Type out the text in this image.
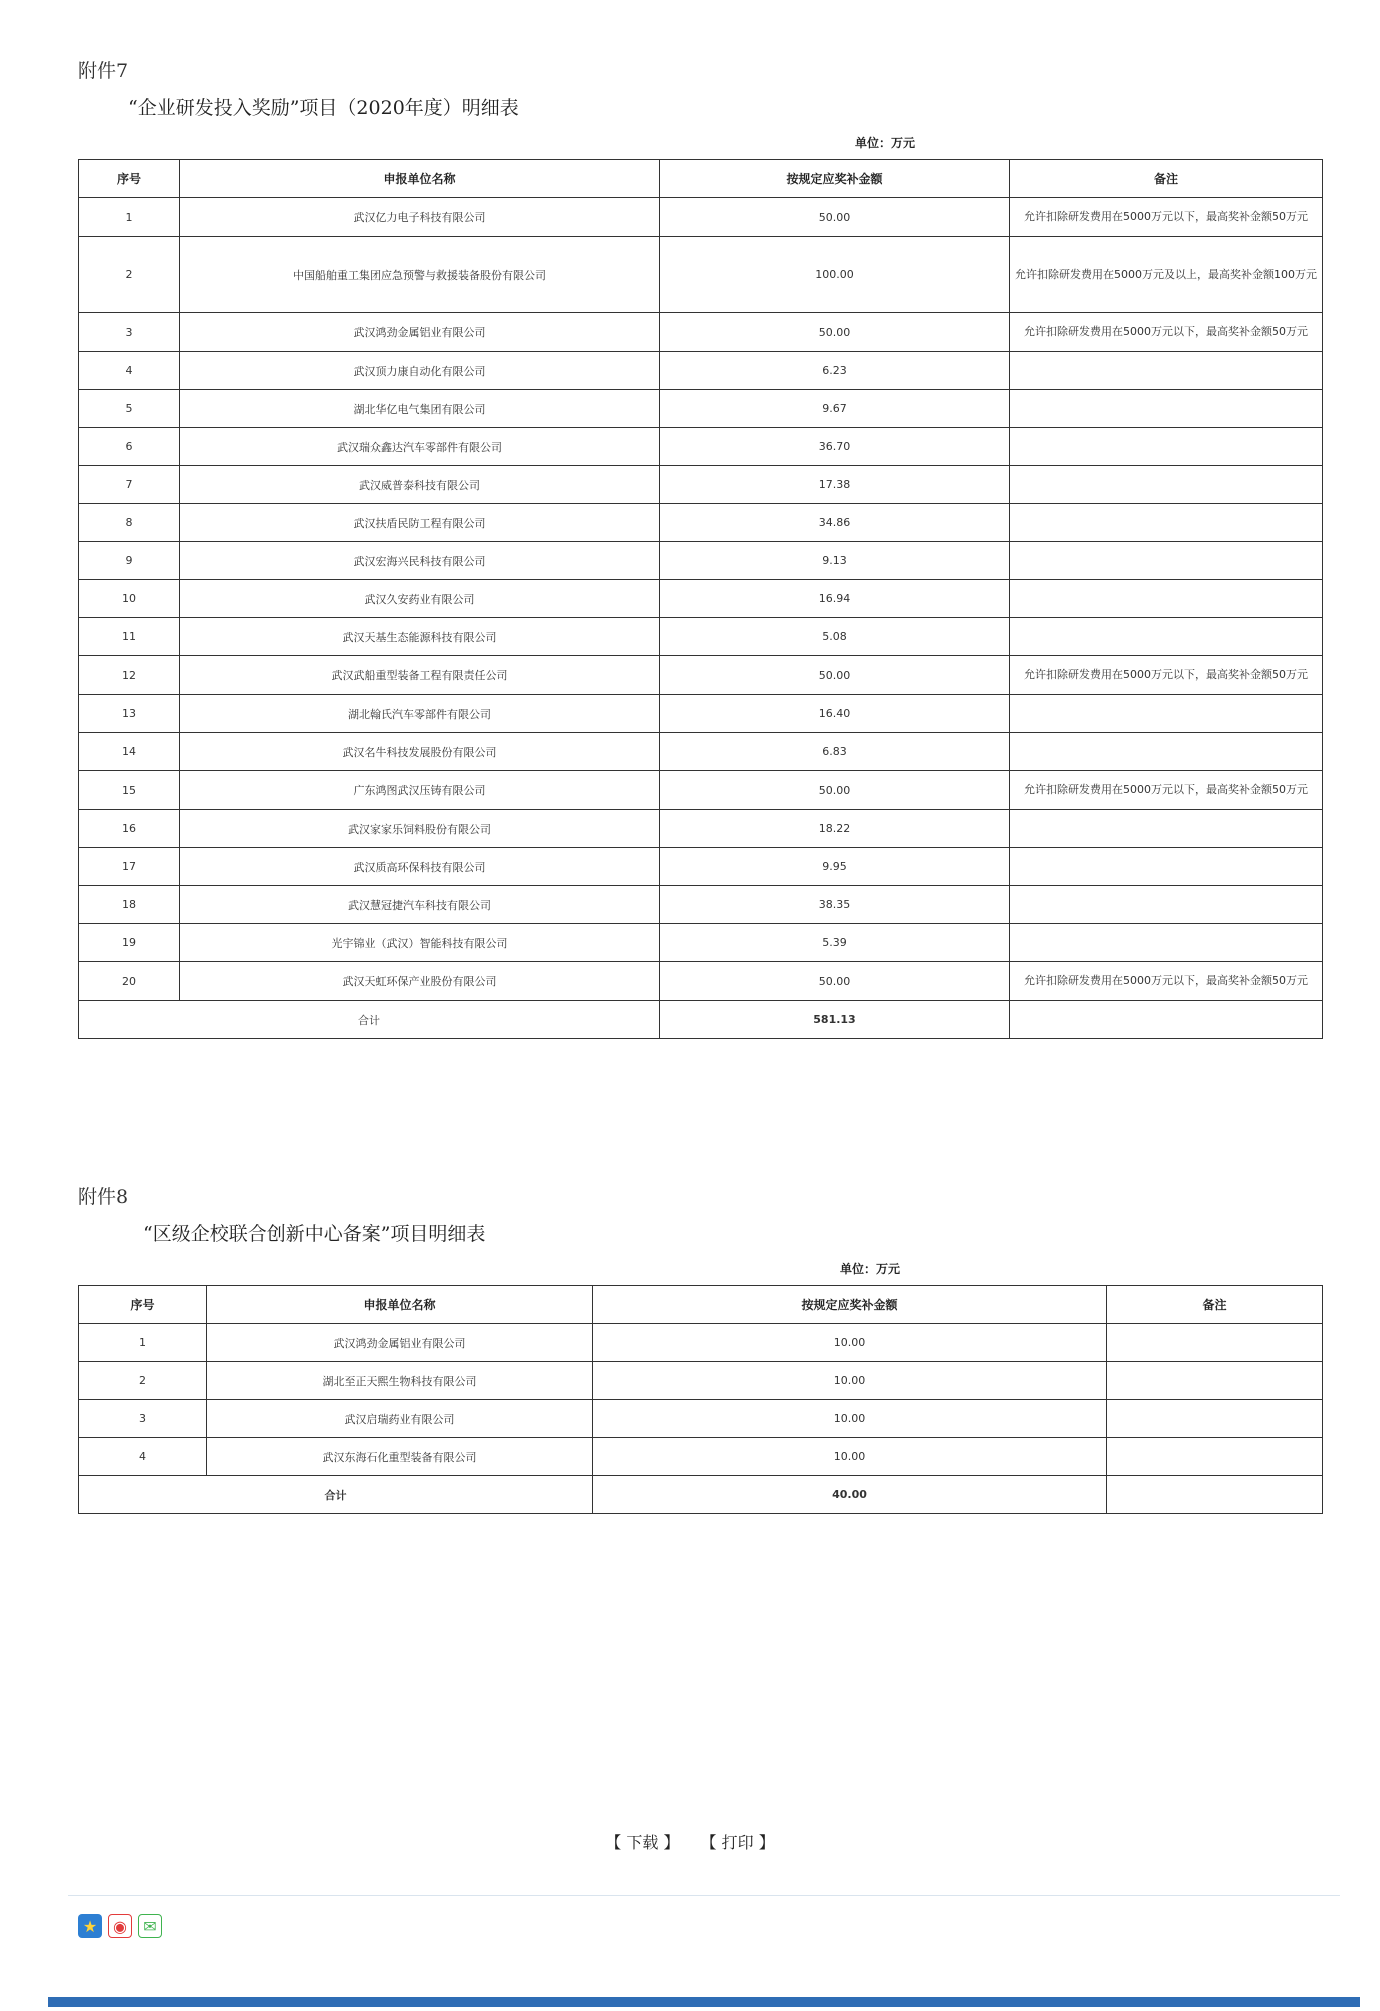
附件7
“企业研发投入奖励”项目（2020年度）明细表
单位：万元
序号	申报单位名称	按规定应奖补金额	备注
1	武汉亿力电子科技有限公司	50.00	允许扣除研发费用在5000万元以下，最高奖补金额50万元
2	中国船舶重工集团应急预警与救援装备股份有限公司	100.00	允许扣除研发费用在5000万元及以上，最高奖补金额100万元
3	武汉鸿劲金属铝业有限公司	50.00	允许扣除研发费用在5000万元以下，最高奖补金额50万元
4	武汉顶力康自动化有限公司	6.23	
5	湖北华亿电气集团有限公司	9.67	
6	武汉瑞众鑫达汽车零部件有限公司	36.70	
7	武汉威普泰科技有限公司	17.38	
8	武汉扶盾民防工程有限公司	34.86	
9	武汉宏海兴民科技有限公司	9.13	
10	武汉久安药业有限公司	16.94	
11	武汉天基生态能源科技有限公司	5.08	
12	武汉武船重型装备工程有限责任公司	50.00	允许扣除研发费用在5000万元以下，最高奖补金额50万元
13	湖北翰氏汽车零部件有限公司	16.40	
14	武汉名牛科技发展股份有限公司	6.83	
15	广东鸿图武汉压铸有限公司	50.00	允许扣除研发费用在5000万元以下，最高奖补金额50万元
16	武汉家家乐饲料股份有限公司	18.22	
17	武汉质高环保科技有限公司	9.95	
18	武汉慧冠捷汽车科技有限公司	38.35	
19	光宇锦业（武汉）智能科技有限公司	5.39	
20	武汉天虹环保产业股份有限公司	50.00	允许扣除研发费用在5000万元以下，最高奖补金额50万元
合计		581.13	
附件8
“区级企校联合创新中心备案”项目明细表
单位：万元
序号	申报单位名称	按规定应奖补金额	备注
1	武汉鸿劲金属铝业有限公司	10.00	
2	湖北至正天熙生物科技有限公司	10.00	
3	武汉启瑞药业有限公司	10.00	
4	武汉东海石化重型装备有限公司	10.00	
合计		40.00	
【 下载 】 【 打印 】
★ ◉	✉
